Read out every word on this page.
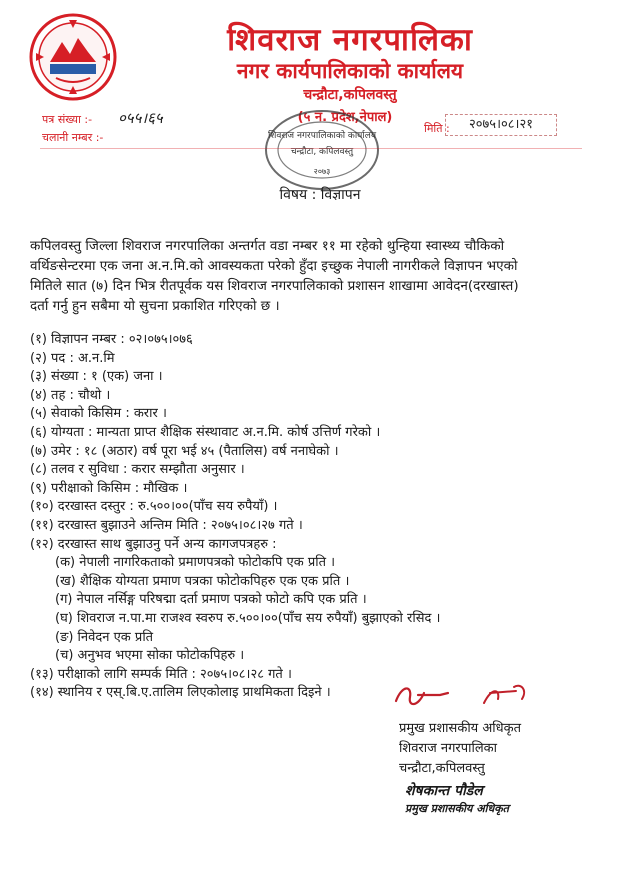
शिवराज नगरपालिका
नगर कार्यपालिकाको कार्यालय
चन्द्रौटा,कपिलवस्तु
(५ न. प्रदेश,नेपाल)
पत्र संख्या :- ०५५।६५
चलानी नम्बर :-
मिति :	२०७५।०८।२१
शिवराज नगरपालिकाको कार्यालय
चन्द्रौटा, कपिलवस्तु
२०७३
विषय : विज्ञापन
कपिलवस्तु जिल्ला शिवराज नगरपालिका अन्तर्गत वडा नम्बर ११ मा रहेको थुन्हिया स्वास्थ्य चौकिको
वर्थिङसेन्टरमा एक जना अ.न.मि.को आवस्यकता परेको हुँदा इच्छुक नेपाली नागरीकले विज्ञापन भएको
मितिले सात (७) दिन भित्र रीतपूर्वक यस शिवराज नगरपालिकाको प्रशासन शाखामा आवेदन(दरखास्त)
दर्ता गर्नु हुन सबैमा यो सुचना प्रकाशित गरिएको छ ।
(१) विज्ञापन नम्बर : ०२।०७५।०७६
(२) पद : अ.न.मि
(३) संख्या : १ (एक) जना ।
(४) तह : चौथो ।
(५) सेवाको किसिम : करार ।
(६) योग्यता : मान्यता प्राप्त शैक्षिक संस्थावाट अ.न.मि. कोर्ष उत्तिर्ण गरेको ।
(७) उमेर : १८ (अठार) वर्ष पूरा भई ४५ (पैतालिस) वर्ष ननाघेको ।
(८) तलव र सुविधा : करार सम्झौता अनुसार ।
(९) परीक्षाको किसिम : मौखिक ।
(१०) दरखास्त दस्तुर : रु.५००।००(पाँच सय रुपैयाँ) ।
(११) दरखास्त बुझाउने अन्तिम मिति : २०७५।०८।२७ गते ।
(१२) दरखास्त साथ बुझाउनु पर्ने अन्य कागजपत्रहरु :
(क) नेपाली नागरिकताको प्रमाणपत्रको फोटोकपि एक प्रति ।
(ख) शैक्षिक योग्यता प्रमाण पत्रका फोटोकपिहरु एक एक प्रति ।
(ग) नेपाल नर्सिङ्ग परिषद्मा दर्ता प्रमाण पत्रको फोटो कपि एक प्रति ।
(घ) शिवराज न.पा.मा राजश्व स्वरुप रु.५००।००(पाँच सय रुपैयाँ) बुझाएको रसिद ।
(ङ) निवेदन एक प्रति
(च) अनुभव भएमा सोका फोटोकपिहरु ।
(१३) परीक्षाको लागि सम्पर्क मिति : २०७५।०८।२८ गते ।
(१४) स्थानिय र एस्.बि.ए.तालिम लिएकोलाइ प्राथमिकता दिइने ।
प्रमुख प्रशासकीय अधिकृत
शिवराज नगरपालिका
चन्द्रौटा,कपिलवस्तु
शेषकान्त पौडेल
प्रमुख प्रशासकीय अधिकृत
